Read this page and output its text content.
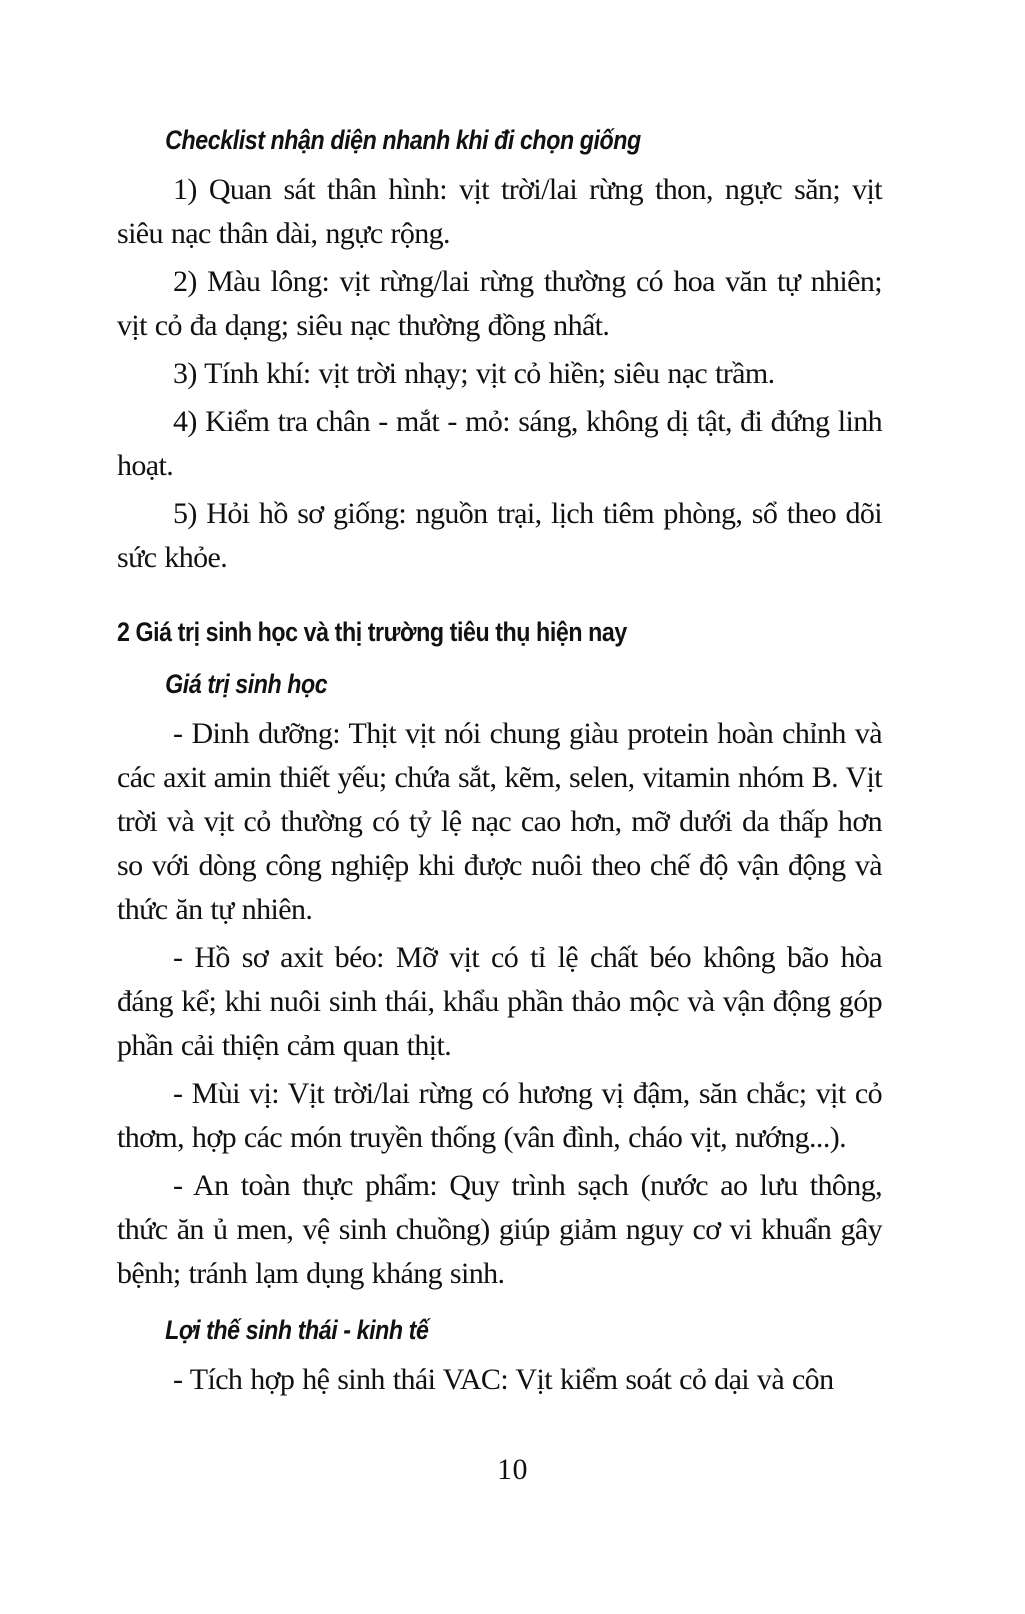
Checklist nhận diện nhanh khi đi chọn giống

1) Quan sát thân hình: vịt trời/lai rừng thon, ngực săn; vịt siêu nạc thân dài, ngực rộng.

2) Màu lông: vịt rừng/lai rừng thường có hoa văn tự nhiên; vịt cỏ đa dạng; siêu nạc thường đồng nhất.

3) Tính khí: vịt trời nhạy; vịt cỏ hiền; siêu nạc trầm.

4) Kiểm tra chân - mắt - mỏ: sáng, không dị tật, đi đứng linh hoạt.

5) Hỏi hồ sơ giống: nguồn trại, lịch tiêm phòng, sổ theo dõi sức khỏe.

2 Giá trị sinh học và thị trường tiêu thụ hiện nay
Giá trị sinh học

- Dinh dưỡng: Thịt vịt nói chung giàu protein hoàn chỉnh và các axit amin thiết yếu; chứa sắt, kẽm, selen, vitamin nhóm B. Vịt trời và vịt cỏ thường có tỷ lệ nạc cao hơn, mỡ dưới da thấp hơn so với dòng công nghiệp khi được nuôi theo chế độ vận động và thức ăn tự nhiên.

- Hồ sơ axit béo: Mỡ vịt có tỉ lệ chất béo không bão hòa đáng kể; khi nuôi sinh thái, khẩu phần thảo mộc và vận động góp phần cải thiện cảm quan thịt.

- Mùi vị: Vịt trời/lai rừng có hương vị đậm, săn chắc; vịt cỏ thơm, hợp các món truyền thống (vân đình, cháo vịt, nướng...).

- An toàn thực phẩm: Quy trình sạch (nước ao lưu thông, thức ăn ủ men, vệ sinh chuồng) giúp giảm nguy cơ vi khuẩn gây bệnh; tránh lạm dụng kháng sinh.

Lợi thế sinh thái - kinh tế

- Tích hợp hệ sinh thái VAC: Vịt kiểm soát cỏ dại và côn

10
